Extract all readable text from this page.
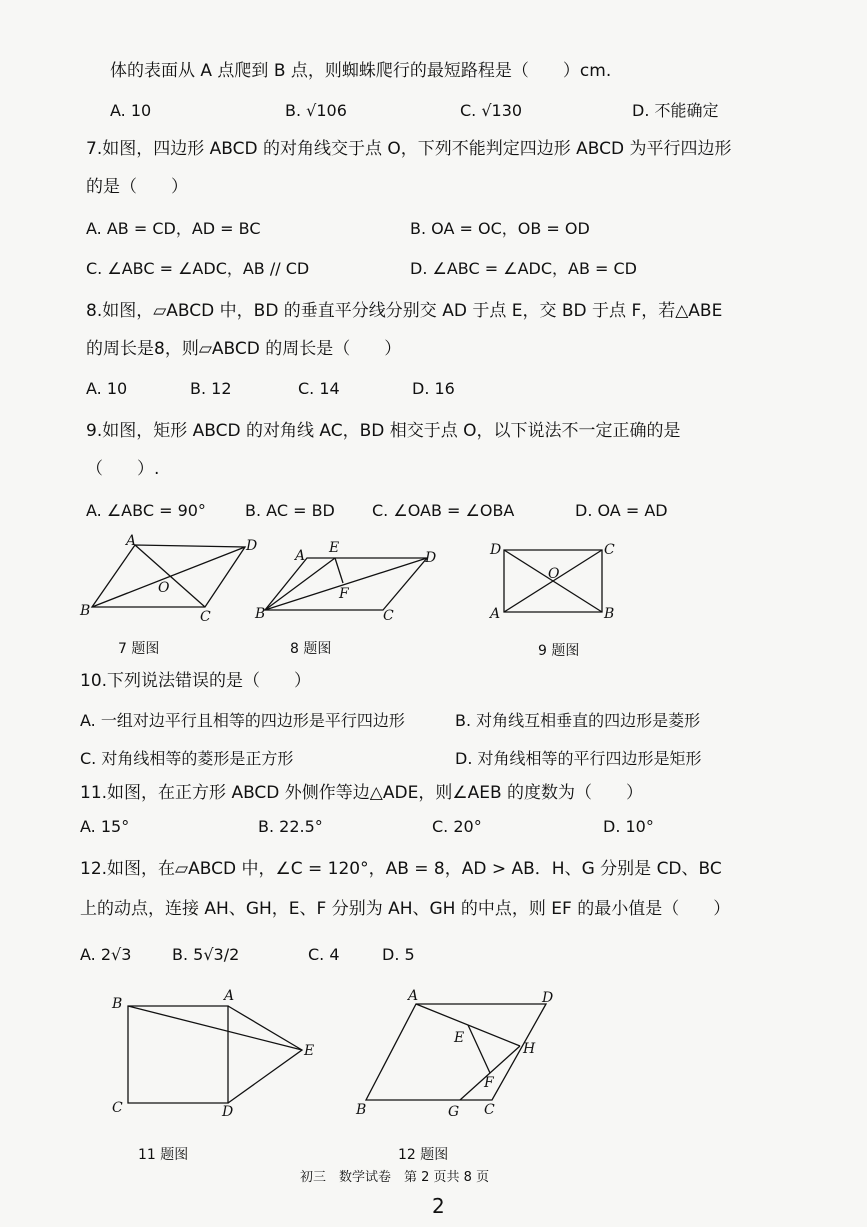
体的表面从 A 点爬到 B 点，则蜘蛛爬行的最短路程是（　　）cm.
A. 10	B. √106	C. √130	D. 不能确定
7.如图，四边形 ABCD 的对角线交于点 O，下列不能判定四边形 ABCD 为平行四边形
的是（　　）
A. AB = CD，AD = BC	B. OA = OC，OB = OD
C. ∠ABC = ∠ADC，AB // CD	D. ∠ABC = ∠ADC，AB = CD
8.如图，▱ABCD 中，BD 的垂直平分线分别交 AD 于点 E，交 BD 于点 F，若△ABE
的周长是8，则▱ABCD 的周长是（　　）
A. 10	B. 12	C. 14	D. 16
9.如图，矩形 ABCD 的对角线 AC，BD 相交于点 O，以下说法不一定正确的是
（　　）.
A. ∠ABC = 90° B. AC = BD C. ∠OAB = ∠OBA	D. OA = AD
A	D
B	C
O
7 题图
A E
D
B	C
F
8 题图
D	C
A	B
O
9 题图
10.下列说法错误的是（　　）
A. 一组对边平行且相等的四边形是平行四边形	B. 对角线互相垂直的四边形是菱形
C. 对角线相等的菱形是正方形	D. 对角线相等的平行四边形是矩形
11.如图，在正方形 ABCD 外侧作等边△ADE，则∠AEB 的度数为（　　）
A. 15°	B. 22.5°	C. 20°	D. 10°
12.如图，在▱ABCD 中，∠C = 120°，AB = 8，AD > AB．H、G 分别是 CD、BC
上的动点，连接 AH、GH，E、F 分别为 AH、GH 的中点，则 EF 的最小值是（　　）
A. 2√3	B. 5√3/2	C. 4	D. 5
B	A
E
C	D
11 题图
A	D
E
H
F
B	G C
12 题图
初三　数学试卷　第 2 页共 8 页
2
